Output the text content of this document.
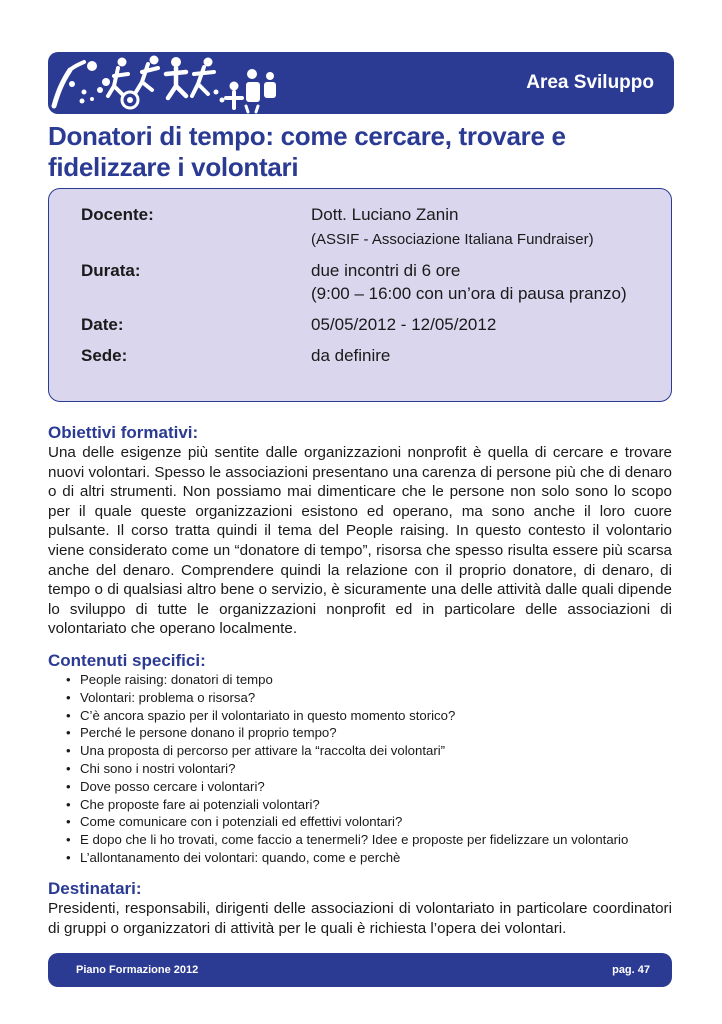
Area Sviluppo
Donatori di tempo: come cercare, trovare e fidelizzare i volontari
Docente:	Dott. Luciano Zanin
(ASSIF - Associazione Italiana Fundraiser)
Durata:	due incontri di 6 ore
(9:00 – 16:00 con un’ora di pausa pranzo)
Date:	05/05/2012 - 12/05/2012
Sede:	da definire
Obiettivi formativi:

Una delle esigenze più sentite dalle organizzazioni nonprofit è quella di cercare e trovare nuovi volontari. Spesso le associazioni presentano una carenza di persone più che di denaro o di altri strumenti. Non possiamo mai dimenticare che le persone non solo sono lo scopo per il quale queste organizzazioni esistono ed operano, ma sono anche il loro cuore pulsante. Il corso tratta quindi il tema del People raising. In questo contesto il volontario viene considerato come un “donatore di tempo”, risorsa che spesso risulta essere più scarsa anche del denaro. Comprendere quindi la relazione con il proprio donatore, di denaro, di tempo o di qualsiasi altro bene o servizio, è sicuramente una delle attività dalle quali dipende lo sviluppo di tutte le organizzazioni nonprofit ed in particolare delle associazioni di volontariato che operano localmente.

Contenuti specifici:
• People raising: donatori di tempo
• Volontari: problema o risorsa?
• C’è ancora spazio per il volontariato in questo momento storico?
• Perché le persone donano il proprio tempo?
• Una proposta di percorso per attivare la “raccolta dei volontari”
• Chi sono i nostri volontari?
• Dove posso cercare i volontari?
• Che proposte fare ai potenziali volontari?
• Come comunicare con i potenziali ed effettivi volontari?
• E dopo che li ho trovati, come faccio a tenermeli? Idee e proposte per fidelizzare un volontario
• L’allontanamento dei volontari: quando, come e perchè
Destinatari:

Presidenti, responsabili, dirigenti delle associazioni di volontariato in particolare coordinatori di gruppi o organizzatori di attività per le quali è richiesta l’opera dei volontari.

Piano Formazione 2012	pag. 47
